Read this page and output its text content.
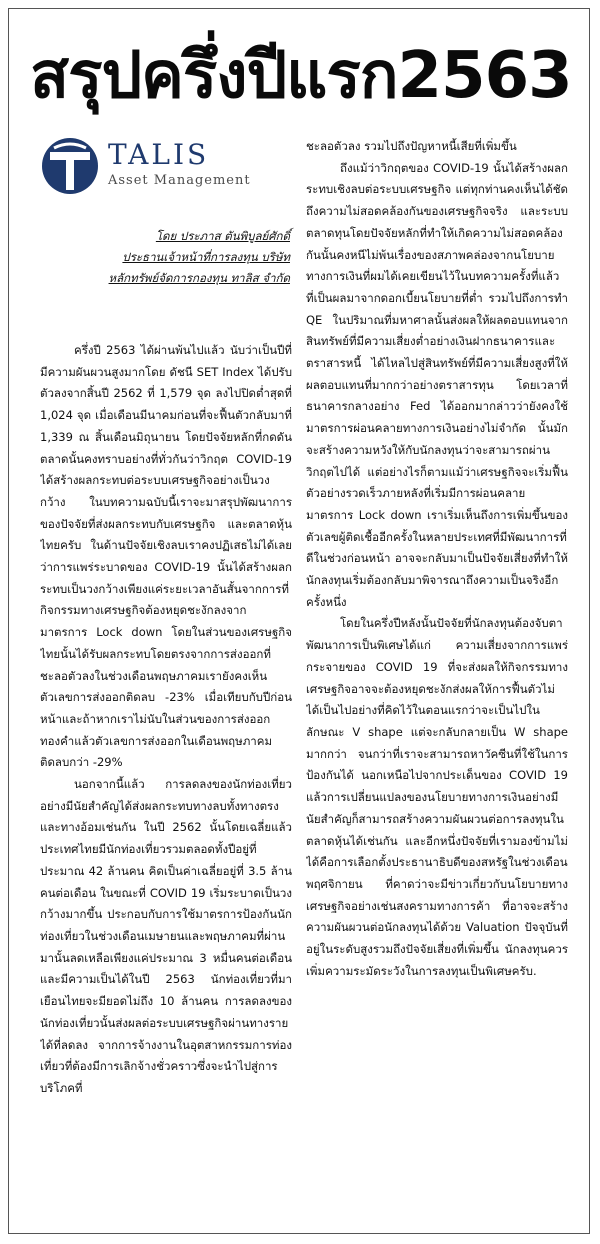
สรุปครึ่งปีแรก2563
TALIS
Asset Management

โดย ประภาส ตันพิบูลย์ศักดิ์
ประธานเจ้าหน้าที่การลงทุน บริษัท
หลักทรัพย์จัดการกองทุน ทาลิส จำกัด

ครึ่งปี 2563 ได้ผ่านพ้นไปแล้ว นับว่าเป็นปีที่มีความผันผวนสูงมากโดย ดัชนี SET Index ได้ปรับตัวลงจากสิ้นปี 2562 ที่ 1,579 จุด ลงไปปิดต่ำสุดที่ 1,024 จุด เมื่อเดือนมีนาคมก่อนที่จะฟื้นตัวกลับมาที่ 1,339 ณ สิ้นเดือนมิถุนายน โดยปัจจัยหลักที่กดดันตลาดนั้นคงทราบอย่างที่ทั่วกันว่าวิกฤต COVID-19 ได้สร้างผลกระทบต่อระบบเศรษฐกิจอย่างเป็นวงกว้าง ในบทความฉบับนี้เราจะมาสรุปพัฒนาการของปัจจัยที่ส่งผลกระทบกับเศรษฐกิจ และตลาดหุ้นไทยครับ ในด้านปัจจัยเชิงลบเราคงปฏิเสธไม่ได้เลยว่าการแพร่ระบาดของ COVID-19 นั้นได้สร้างผลกระทบเป็นวงกว้างเพียงแค่ระยะเวลาอันสั้นจากการที่กิจกรรมทางเศรษฐกิจต้องหยุดชะงักลงจากมาตรการ Lock down โดยในส่วนของเศรษฐกิจไทยนั้นได้รับผลกระทบโดยตรงจากการส่งออกที่ชะลอตัวลงในช่วงเดือนพฤษภาคมเรายังคงเห็นตัวเลขการส่งออกติดลบ -23% เมื่อเทียบกับปีก่อนหน้าและถ้าหากเราไม่นับในส่วนของการส่งออกทองคำแล้วตัวเลขการส่งออกในเดือนพฤษภาคมติดลบกว่า -29%

นอกจากนี้แล้ว การลดลงของนักท่องเที่ยวอย่างมีนัยสำคัญได้ส่งผลกระทบทางลบทั้งทางตรงและทางอ้อมเช่นกัน ในปี 2562 นั้นโดยเฉลี่ยแล้วประเทศไทยมีนักท่องเที่ยวรวมตลอดทั้งปีอยู่ที่ประมาณ 42 ล้านคน คิดเป็นค่าเฉลี่ยอยู่ที่ 3.5 ล้านคนต่อเดือน ในขณะที่ COVID 19 เริ่มระบาดเป็นวงกว้างมากขึ้น ประกอบกับการใช้มาตรการป้องกันนักท่องเที่ยวในช่วงเดือนเมษายนและพฤษภาคมที่ผ่านมานั้นลดเหลือเพียงแค่ประมาณ 3 หมื่นคนต่อเดือน และมีความเป็นได้ในปี 2563 นักท่องเที่ยวที่มาเยือนไทยจะมียอดไม่ถึง 10 ล้านคน การลดลงของนักท่องเที่ยวนั้นส่งผลต่อระบบเศรษฐกิจผ่านทางรายได้ที่ลดลง จากการจ้างงานในอุตสาหกรรมการท่องเที่ยวที่ต้องมีการเลิกจ้างชั่วคราวซึ่งจะนำไปสู่การบริโภคที่

ชะลอตัวลง รวมไปถึงปัญหาหนี้เสียที่เพิ่มขึ้น

ถึงแม้ว่าวิกฤตของ COVID-19 นั้นได้สร้างผลกระทบเชิงลบต่อระบบเศรษฐกิจ แต่ทุกท่านคงเห็นได้ชัดถึงความไม่สอดคล้องกันของเศรษฐกิจจริง และระบบตลาดทุนโดยปัจจัยหลักที่ทำให้เกิดความไม่สอดคล้องกันนั้นคงหนีไม่พ้นเรื่องของสภาพคล่องจากนโยบายทางการเงินที่ผมได้เคยเขียนไว้ในบทความครั้งที่แล้ว ที่เป็นผลมาจากดอกเบี้ยนโยบายที่ต่ำ รวมไปถึงการทำ QE ในปริมาณที่มหาศาลนั้นส่งผลให้ผลตอบแทนจากสินทรัพย์ที่มีความเสี่ยงต่ำอย่างเงินฝากธนาคารและตราสารหนี้ ได้ไหลไปสู่สินทรัพย์ที่มีความเสี่ยงสูงที่ให้ผลตอบแทนที่มากกว่าอย่างตราสารทุน โดยเวลาที่ธนาคารกลางอย่าง Fed ได้ออกมากล่าวว่ายังคงใช้มาตรการผ่อนคลายทางการเงินอย่างไม่จำกัด นั้นมักจะสร้างความหวังให้กับนักลงทุนว่าจะสามารถผ่านวิกฤตไปได้ แต่อย่างไรก็ตามแม้ว่าเศรษฐกิจจะเริ่มฟื้นตัวอย่างรวดเร็วภายหลังที่เริ่มมีการผ่อนคลายมาตรการ Lock down เราเริ่มเห็นถึงการเพิ่มขึ้นของตัวเลขผู้ติดเชื้ออีกครั้งในหลายประเทศที่มีพัฒนาการที่ดีในช่วงก่อนหน้า อาจจะกลับมาเป็นปัจจัยเสี่ยงที่ทำให้นักลงทุนเริ่มต้องกลับมาพิจารณาถึงความเป็นจริงอีกครั้งหนึ่ง

โดยในครึ่งปีหลังนั้นปัจจัยที่นักลงทุนต้องจับตาพัฒนาการเป็นพิเศษได้แก่ ความเสี่ยงจากการแพร่กระจายของ COVID 19 ที่จะส่งผลให้กิจกรรมทางเศรษฐกิจอาจจะต้องหยุดชะงักส่งผลให้การฟื้นตัวไม่ได้เป็นไปอย่างที่คิดไว้ในตอนแรกว่าจะเป็นไปในลักษณะ V shape แต่จะกลับกลายเป็น W shape มากกว่า จนกว่าที่เราจะสามารถหาวัคซีนที่ใช้ในการป้องกันได้ นอกเหนือไปจากประเด็นของ COVID 19 แล้วการเปลี่ยนแปลงของนโยบายทางการเงินอย่างมีนัยสำคัญก็สามารถสร้างความผันผวนต่อการลงทุนในตลาดหุ้นได้เช่นกัน และอีกหนึ่งปัจจัยที่เรามองข้ามไม่ได้คือการเลือกตั้งประธานาธิบดีของสหรัฐในช่วงเดือนพฤศจิกายน ที่คาดว่าจะมีข่าวเกี่ยวกับนโยบายทางเศรษฐกิจอย่างเช่นสงครามทางการค้า ที่อาจจะสร้างความผันผวนต่อนักลงทุนได้ด้วย Valuation ปัจจุบันที่อยู่ในระดับสูงรวมถึงปัจจัยเสี่ยงที่เพิ่มขึ้น นักลงทุนควรเพิ่มความระมัดระวังในการลงทุนเป็นพิเศษครับ.
